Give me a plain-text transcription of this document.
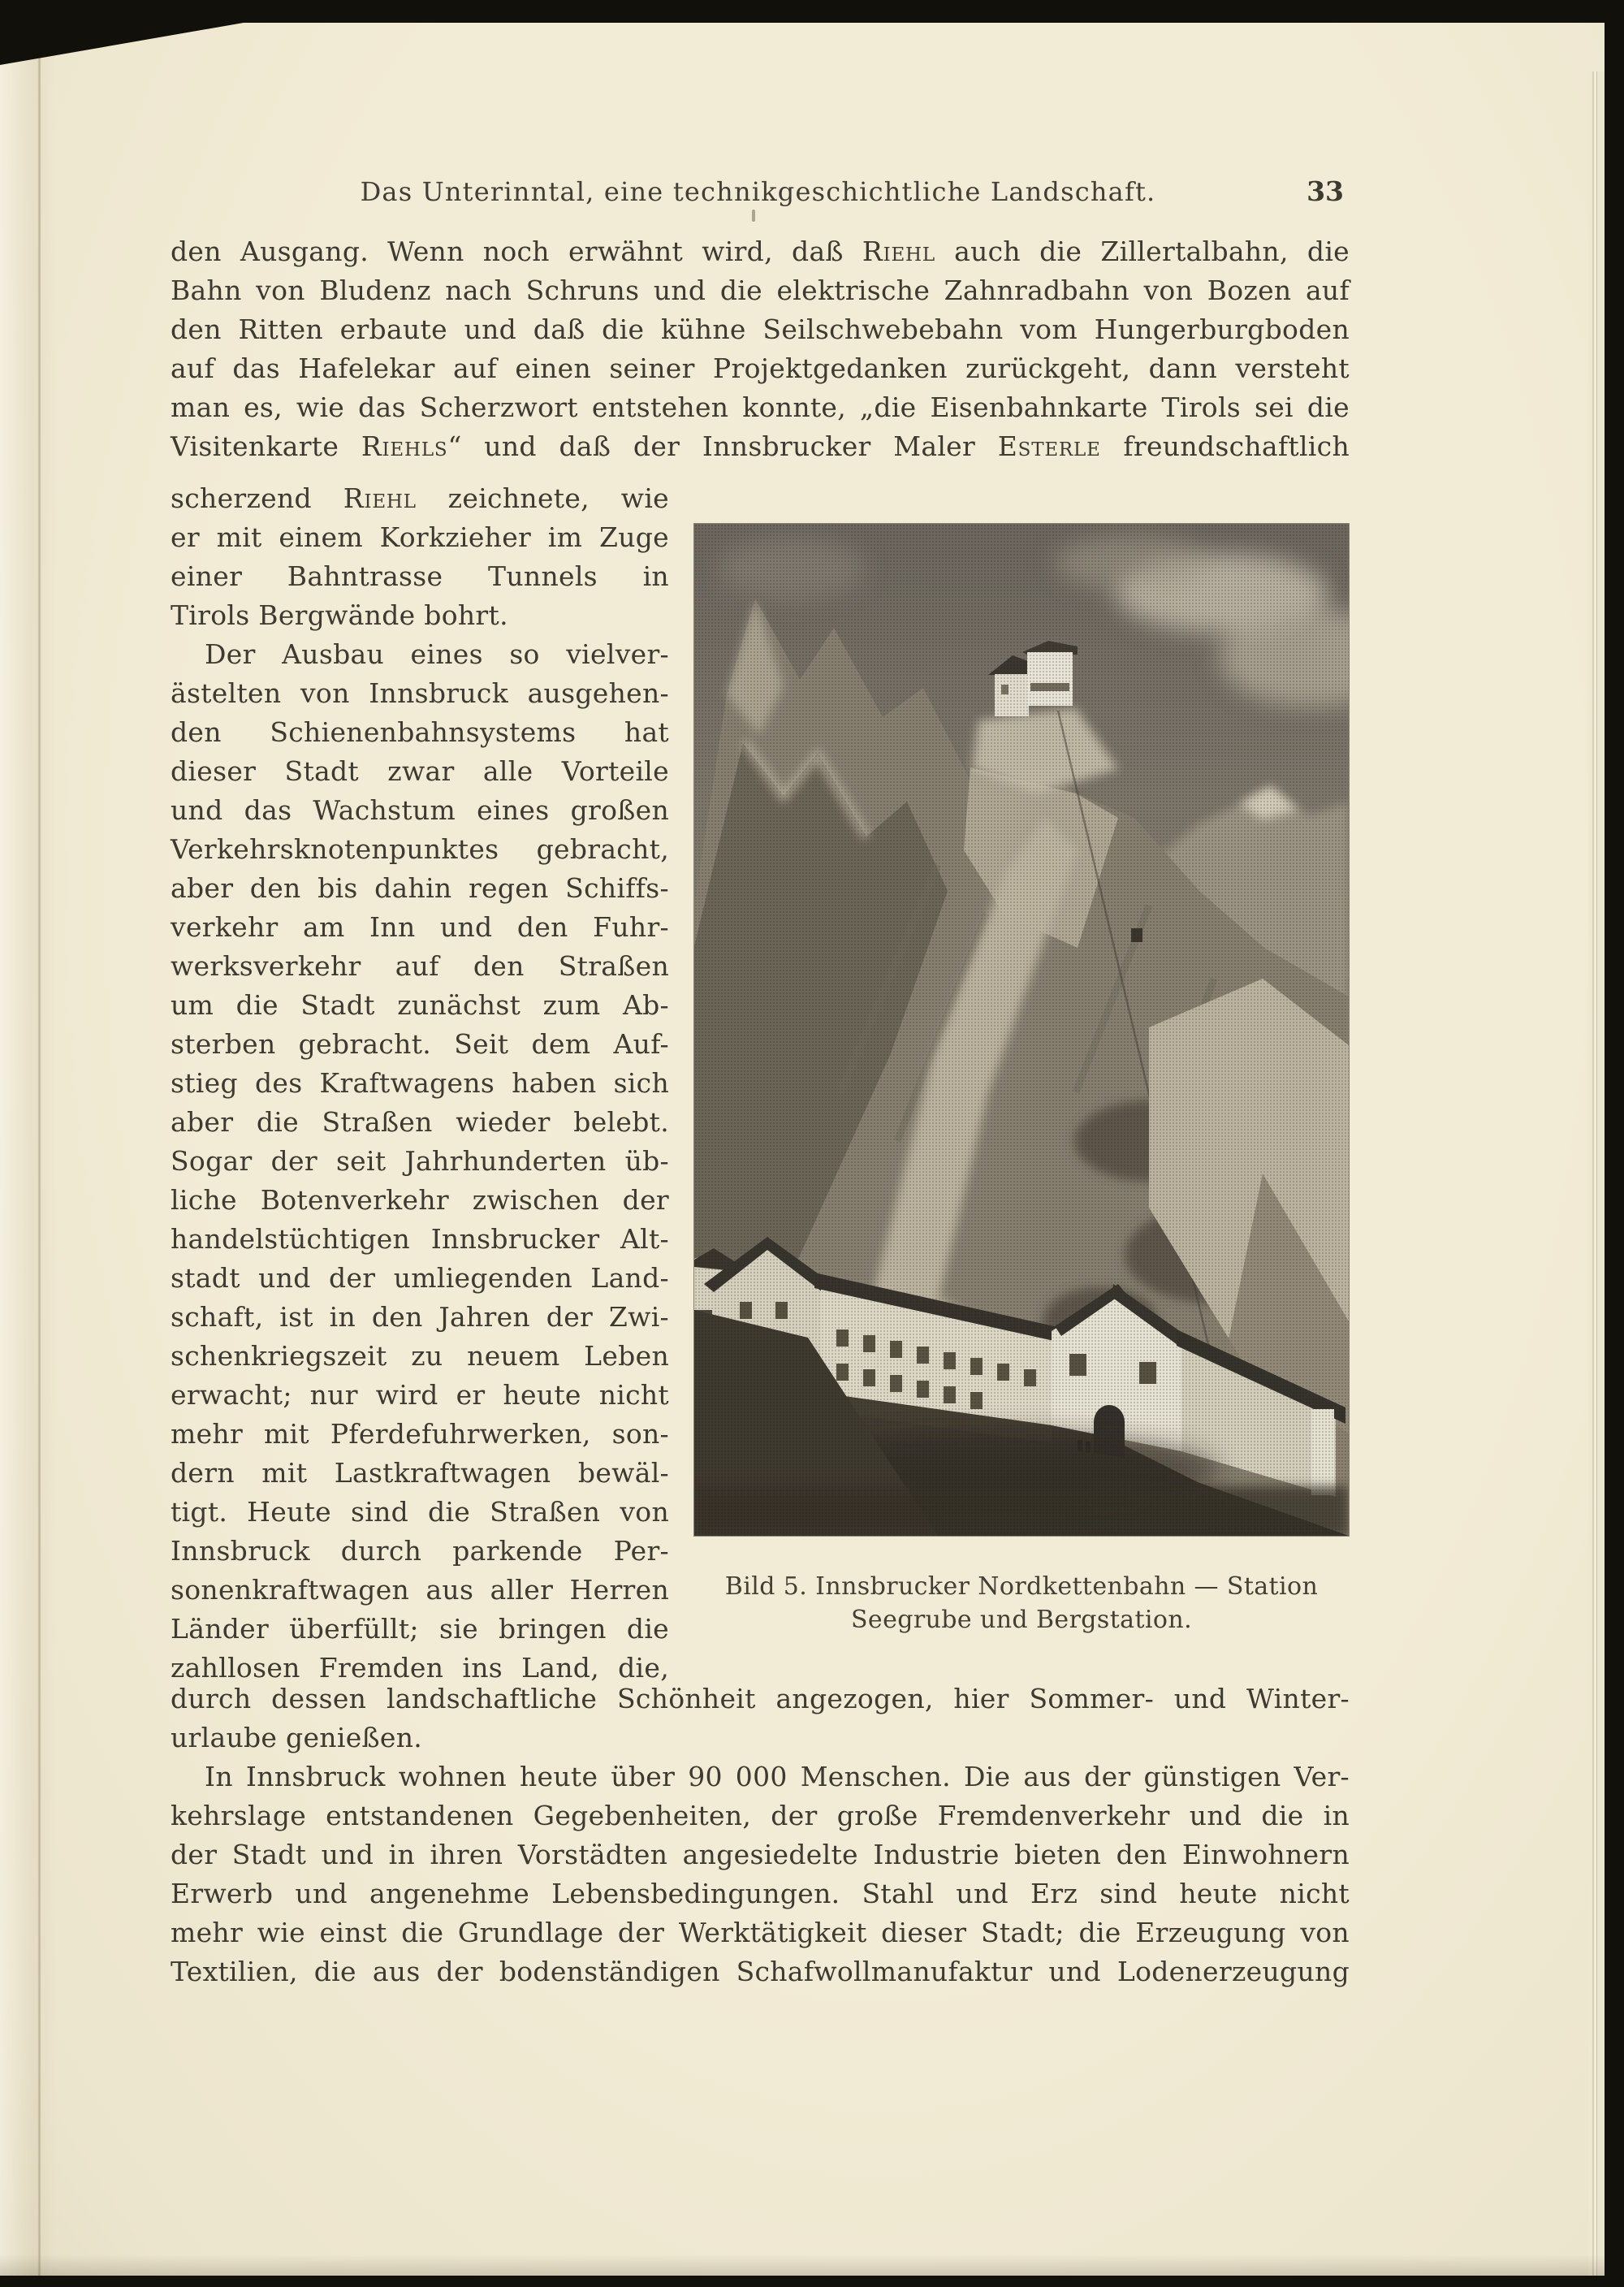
Das Unterinntal, eine technikgeschichtliche Landschaft.	33
den Ausgang. Wenn noch erwähnt wird, daß Riehl auch die Zillertalbahn, die
Bahn von Bludenz nach Schruns und die elektrische Zahnradbahn von Bozen auf
den Ritten erbaute und daß die kühne Seilschwebebahn vom Hungerburgboden
auf das Hafelekar auf einen seiner Projektgedanken zurückgeht, dann versteht
man es, wie das Scherzwort entstehen konnte, „die Eisenbahnkarte Tirols sei die
Visitenkarte Riehls“ und daß der Innsbrucker Maler Esterle freundschaftlich
scherzend Riehl zeichnete, wie
er mit einem Korkzieher im Zuge
einer Bahntrasse Tunnels in
Tirols Bergwände bohrt.
Der Ausbau eines so vielver-
ästelten von Innsbruck ausgehen-
den Schienenbahnsystems hat
dieser Stadt zwar alle Vorteile
und das Wachstum eines großen
Verkehrsknotenpunktes gebracht,
aber den bis dahin regen Schiffs-
verkehr am Inn und den Fuhr-
werksverkehr auf den Straßen
um die Stadt zunächst zum Ab-
sterben gebracht. Seit dem Auf-
stieg des Kraftwagens haben sich
aber die Straßen wieder belebt.
Sogar der seit Jahrhunderten üb-
liche Botenverkehr zwischen der
handelstüchtigen Innsbrucker Alt-
stadt und der umliegenden Land-
schaft, ist in den Jahren der Zwi-
schenkriegszeit zu neuem Leben
erwacht; nur wird er heute nicht
mehr mit Pferdefuhrwerken, son-
dern mit Lastkraftwagen bewäl-
tigt. Heute sind die Straßen von
Innsbruck durch parkende Per-
sonenkraftwagen aus aller Herren
Länder überfüllt; sie bringen die
zahllosen Fremden ins Land, die,
Bild 5. Innsbrucker Nordkettenbahn — Station
Seegrube und Bergstation.
durch dessen landschaftliche Schönheit angezogen, hier Sommer- und Winter-
urlaube genießen.
In Innsbruck wohnen heute über 90 000 Menschen. Die aus der günstigen Ver-
kehrslage entstandenen Gegebenheiten, der große Fremdenverkehr und die in
der Stadt und in ihren Vorstädten angesiedelte Industrie bieten den Einwohnern
Erwerb und angenehme Lebensbedingungen. Stahl und Erz sind heute nicht
mehr wie einst die Grundlage der Werktätigkeit dieser Stadt; die Erzeugung von
Textilien, die aus der bodenständigen Schafwollmanufaktur und Lodenerzeugung
